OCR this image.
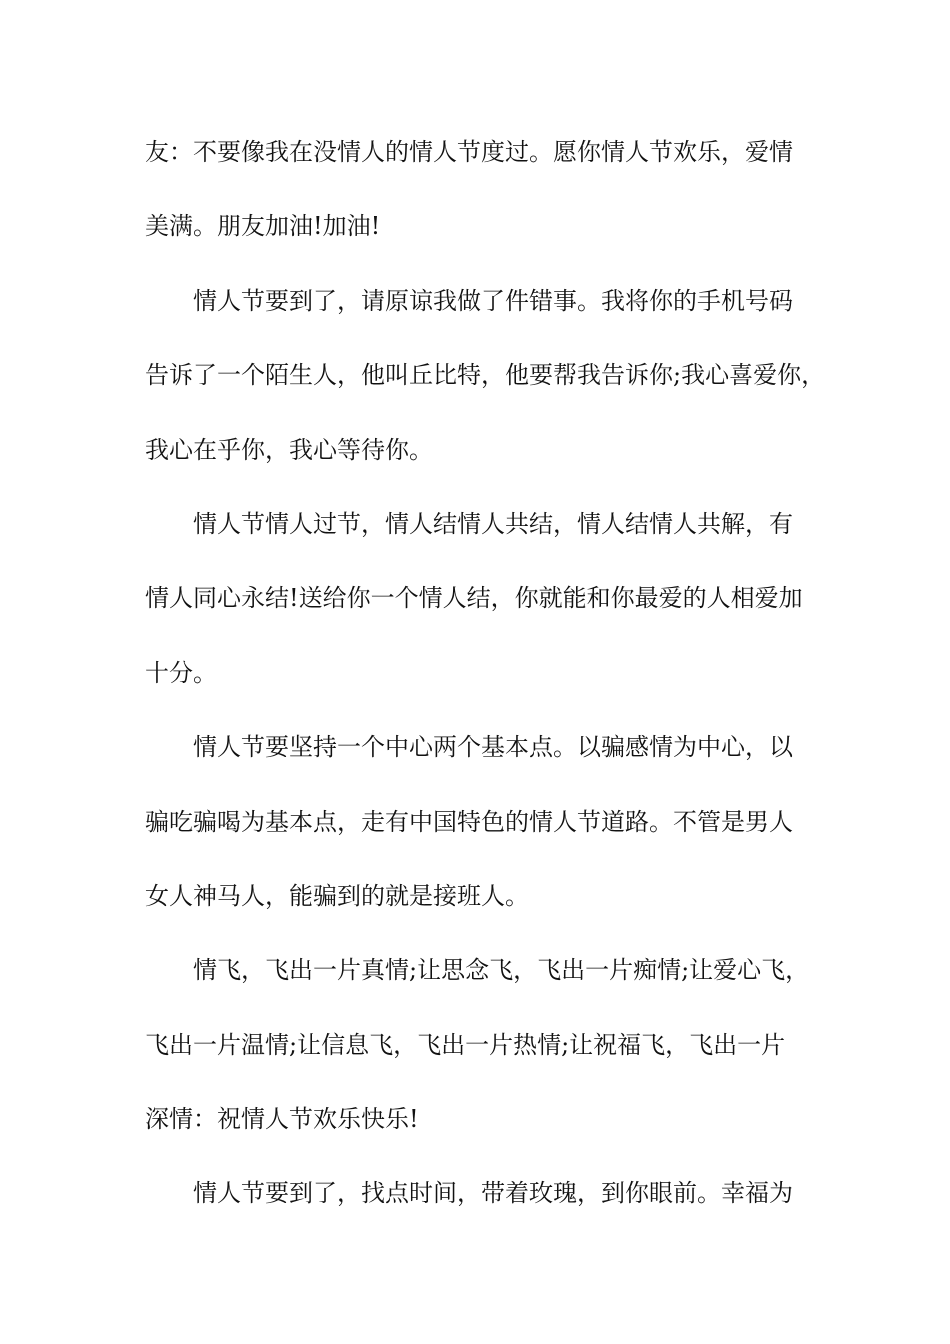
友：不要像我在没情人的情人节度过。愿你情人节欢乐，爱情
美满。朋友加油!加油!
情人节要到了，请原谅我做了件错事。我将你的手机号码
告诉了一个陌生人，他叫丘比特，他要帮我告诉你;我心喜爱你，
我心在乎你，我心等待你。
情人节情人过节，情人结情人共结，情人结情人共解，有
情人同心永结!送给你一个情人结，你就能和你最爱的人相爱加
十分。
情人节要坚持一个中心两个基本点。以骗感情为中心，以
骗吃骗喝为基本点，走有中国特色的情人节道路。不管是男人
女人神马人，能骗到的就是接班人。
情飞，飞出一片真情;让思念飞，飞出一片痴情;让爱心飞，
飞出一片温情;让信息飞，飞出一片热情;让祝福飞，飞出一片
深情：祝情人节欢乐快乐!
情人节要到了，找点时间，带着玫瑰，到你眼前。幸福为
